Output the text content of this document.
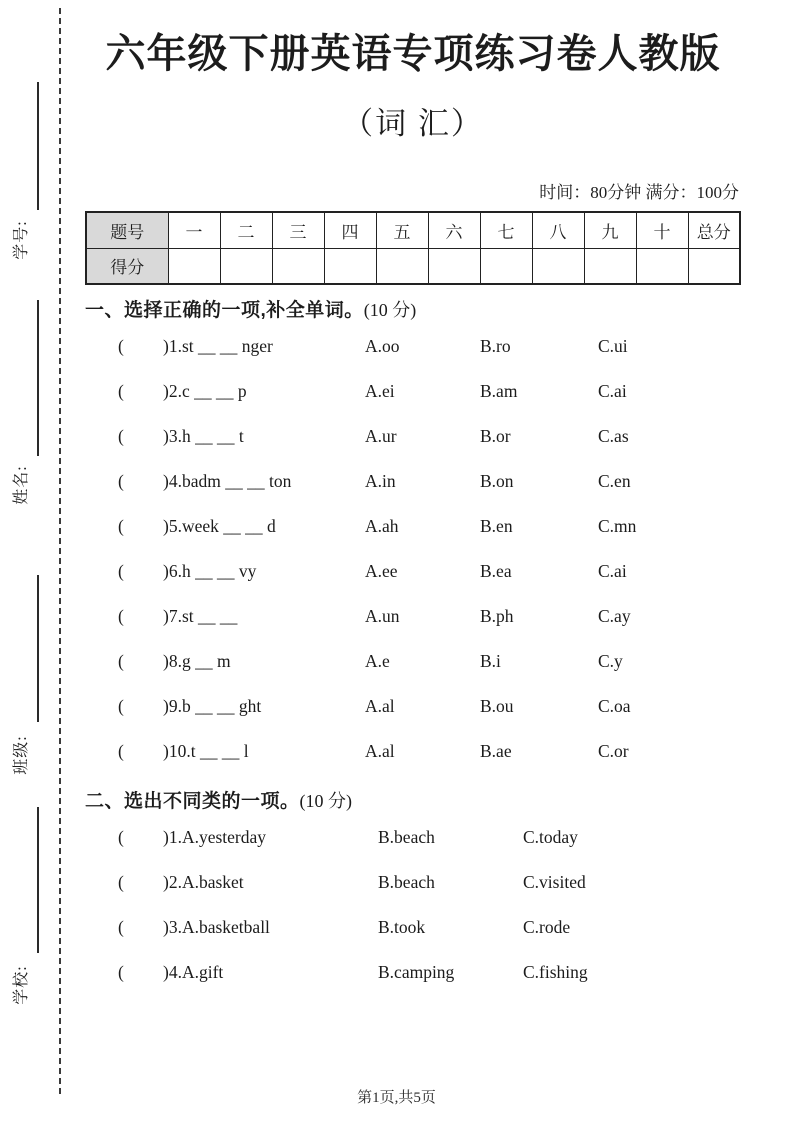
学号:
姓名:
班级:
学校:
六年级下册英语专项练习卷人教版
（词 汇）
时间：80分钟 满分：100分
题号	一	二	三	四	五	六	七	八	九	十	总分
得分											
一、选择正确的一项,补全单词。(10 分)
(	)1.st __ __ nger	A.oo	B.ro	C.ui
(	)2.c __ __ p	A.ei	B.am	C.ai
(	)3.h __ __ t	A.ur	B.or	C.as
(	)4.badm __ __ ton	A.in	B.on	C.en
(	)5.week __ __ d	A.ah	B.en	C.mn
(	)6.h __ __ vy	A.ee	B.ea	C.ai
(	)7.st __ __	A.un	B.ph	C.ay
(	)8.g __ m	A.e	B.i	C.y
(	)9.b __ __ ght	A.al	B.ou	C.oa
(	)10.t __ __ l	A.al	B.ae	C.or
二、选出不同类的一项。(10 分)
(	)1.A.yesterday	B.beach	C.today
(	)2.A.basket	B.beach	C.visited
(	)3.A.basketball	B.took	C.rode
(	)4.A.gift	B.camping	C.fishing
第1页,共5页
